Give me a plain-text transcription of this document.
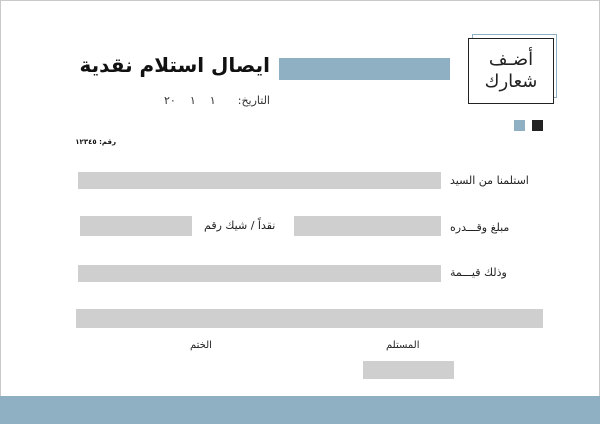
أضـف
شعارك
ايصال استلام نقدية
التاريخ:
٢٠ ١ ١
رقم: ١٢٣٤٥
استلمنا من السيد
مبلغ وقـــدره
نقداً / شيك رقم
وذلك قيـــمة
المستلم
الختم
